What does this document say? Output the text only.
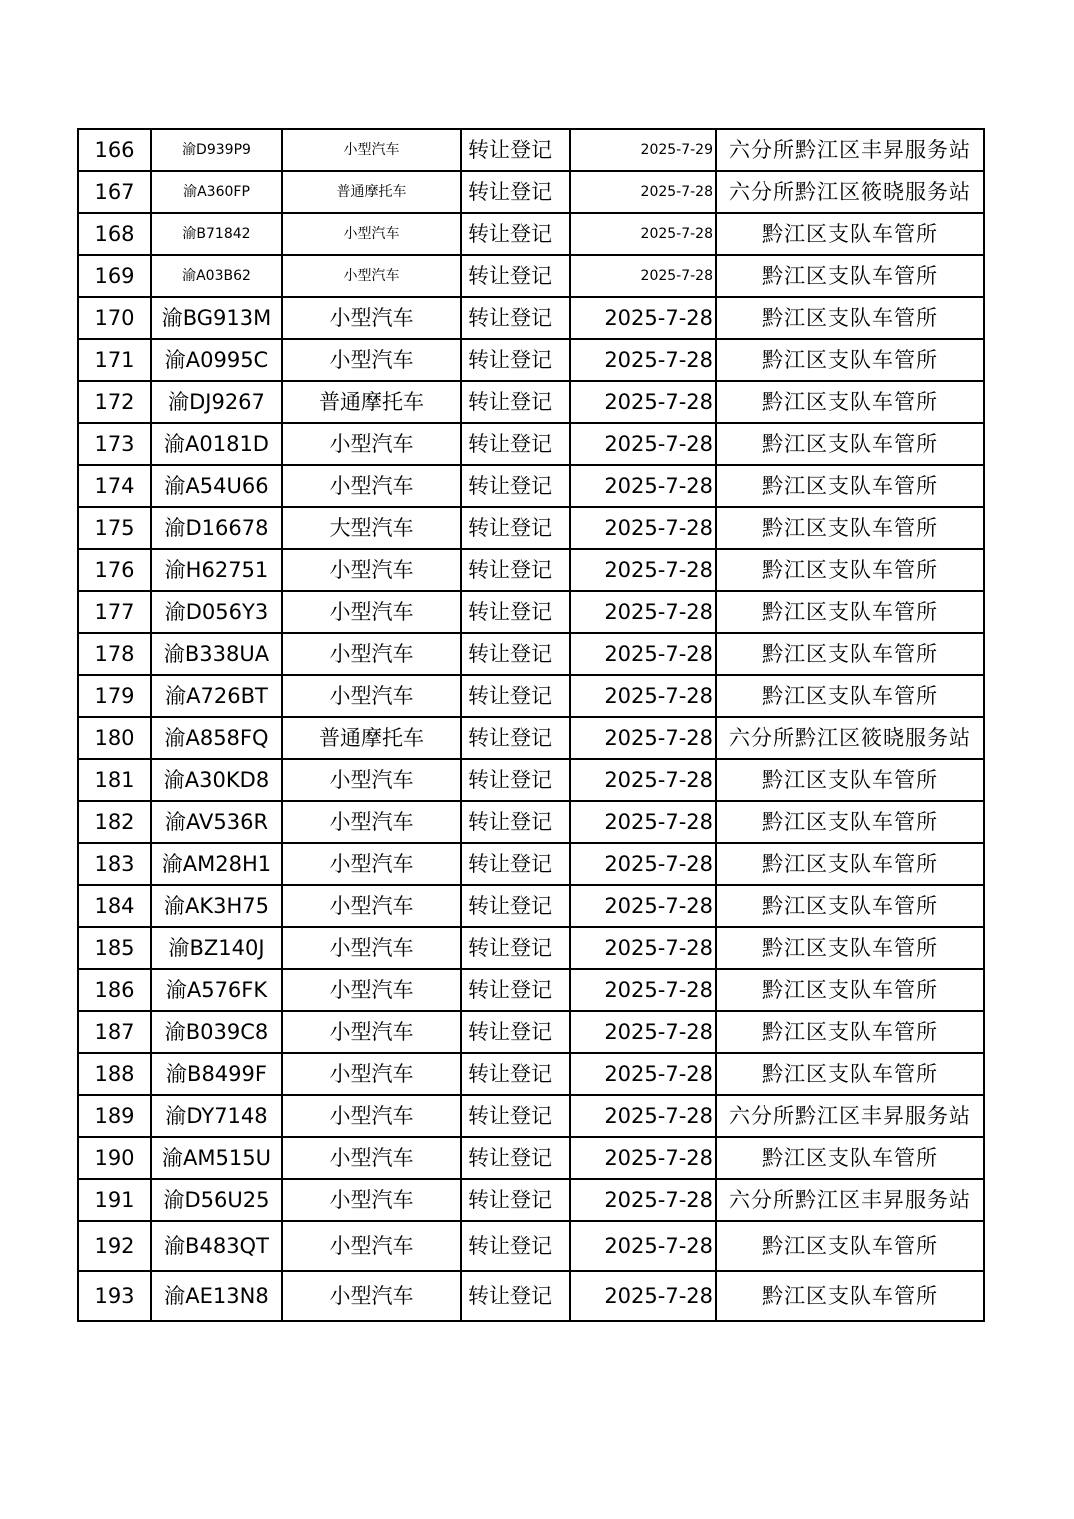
166	渝D939P9	小型汽车	转让登记	2025-7-29	六分所黔江区丰昇服务站
167	渝A360FP	普通摩托车	转让登记	2025-7-28	六分所黔江区筱晓服务站
168	渝B71842	小型汽车	转让登记	2025-7-28	黔江区支队车管所
169	渝A03B62	小型汽车	转让登记	2025-7-28	黔江区支队车管所
170	渝BG913M	小型汽车	转让登记	2025-7-28	黔江区支队车管所
171	渝A0995C	小型汽车	转让登记	2025-7-28	黔江区支队车管所
172	渝DJ9267	普通摩托车	转让登记	2025-7-28	黔江区支队车管所
173	渝A0181D	小型汽车	转让登记	2025-7-28	黔江区支队车管所
174	渝A54U66	小型汽车	转让登记	2025-7-28	黔江区支队车管所
175	渝D16678	大型汽车	转让登记	2025-7-28	黔江区支队车管所
176	渝H62751	小型汽车	转让登记	2025-7-28	黔江区支队车管所
177	渝D056Y3	小型汽车	转让登记	2025-7-28	黔江区支队车管所
178	渝B338UA	小型汽车	转让登记	2025-7-28	黔江区支队车管所
179	渝A726BT	小型汽车	转让登记	2025-7-28	黔江区支队车管所
180	渝A858FQ	普通摩托车	转让登记	2025-7-28	六分所黔江区筱晓服务站
181	渝A30KD8	小型汽车	转让登记	2025-7-28	黔江区支队车管所
182	渝AV536R	小型汽车	转让登记	2025-7-28	黔江区支队车管所
183	渝AM28H1	小型汽车	转让登记	2025-7-28	黔江区支队车管所
184	渝AK3H75	小型汽车	转让登记	2025-7-28	黔江区支队车管所
185	渝BZ140J	小型汽车	转让登记	2025-7-28	黔江区支队车管所
186	渝A576FK	小型汽车	转让登记	2025-7-28	黔江区支队车管所
187	渝B039C8	小型汽车	转让登记	2025-7-28	黔江区支队车管所
188	渝B8499F	小型汽车	转让登记	2025-7-28	黔江区支队车管所
189	渝DY7148	小型汽车	转让登记	2025-7-28	六分所黔江区丰昇服务站
190	渝AM515U	小型汽车	转让登记	2025-7-28	黔江区支队车管所
191	渝D56U25	小型汽车	转让登记	2025-7-28	六分所黔江区丰昇服务站
192	渝B483QT	小型汽车	转让登记	2025-7-28	黔江区支队车管所
193	渝AE13N8	小型汽车	转让登记	2025-7-28	黔江区支队车管所
